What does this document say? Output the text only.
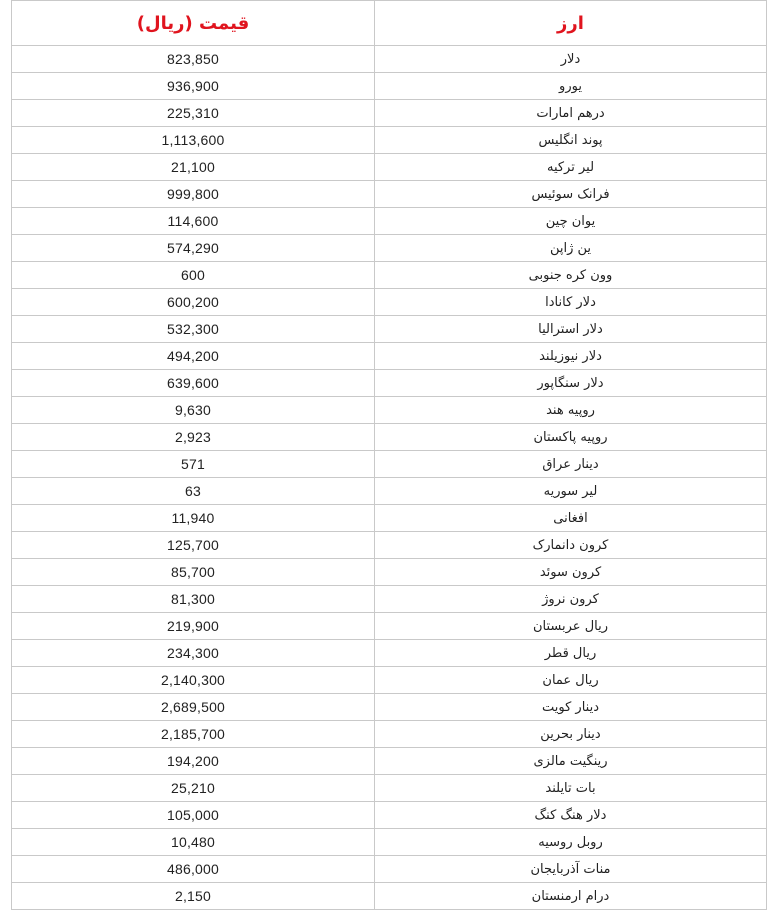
قیمت (ریال)	ارز
823,850	دلار
936,900	یورو
225,310	درهم امارات
1,113,600	پوند انگلیس
21,100	لیر ترکیه
999,800	فرانک سوئیس
114,600	یوان چین
574,290	ین ژاپن
600	وون کره جنوبی
600,200	دلار کانادا
532,300	دلار استرالیا
494,200	دلار نیوزیلند
639,600	دلار سنگاپور
9,630	روپیه هند
2,923	روپیه پاکستان
571	دینار عراق
63	لیر سوریه
11,940	افغانی
125,700	کرون دانمارک
85,700	کرون سوئد
81,300	کرون نروژ
219,900	ریال عربستان
234,300	ریال قطر
2,140,300	ریال عمان
2,689,500	دینار کویت
2,185,700	دینار بحرین
194,200	رینگیت مالزی
25,210	بات تایلند
105,000	دلار هنگ کنگ
10,480	روبل روسیه
486,000	منات آذربایجان
2,150	درام ارمنستان
